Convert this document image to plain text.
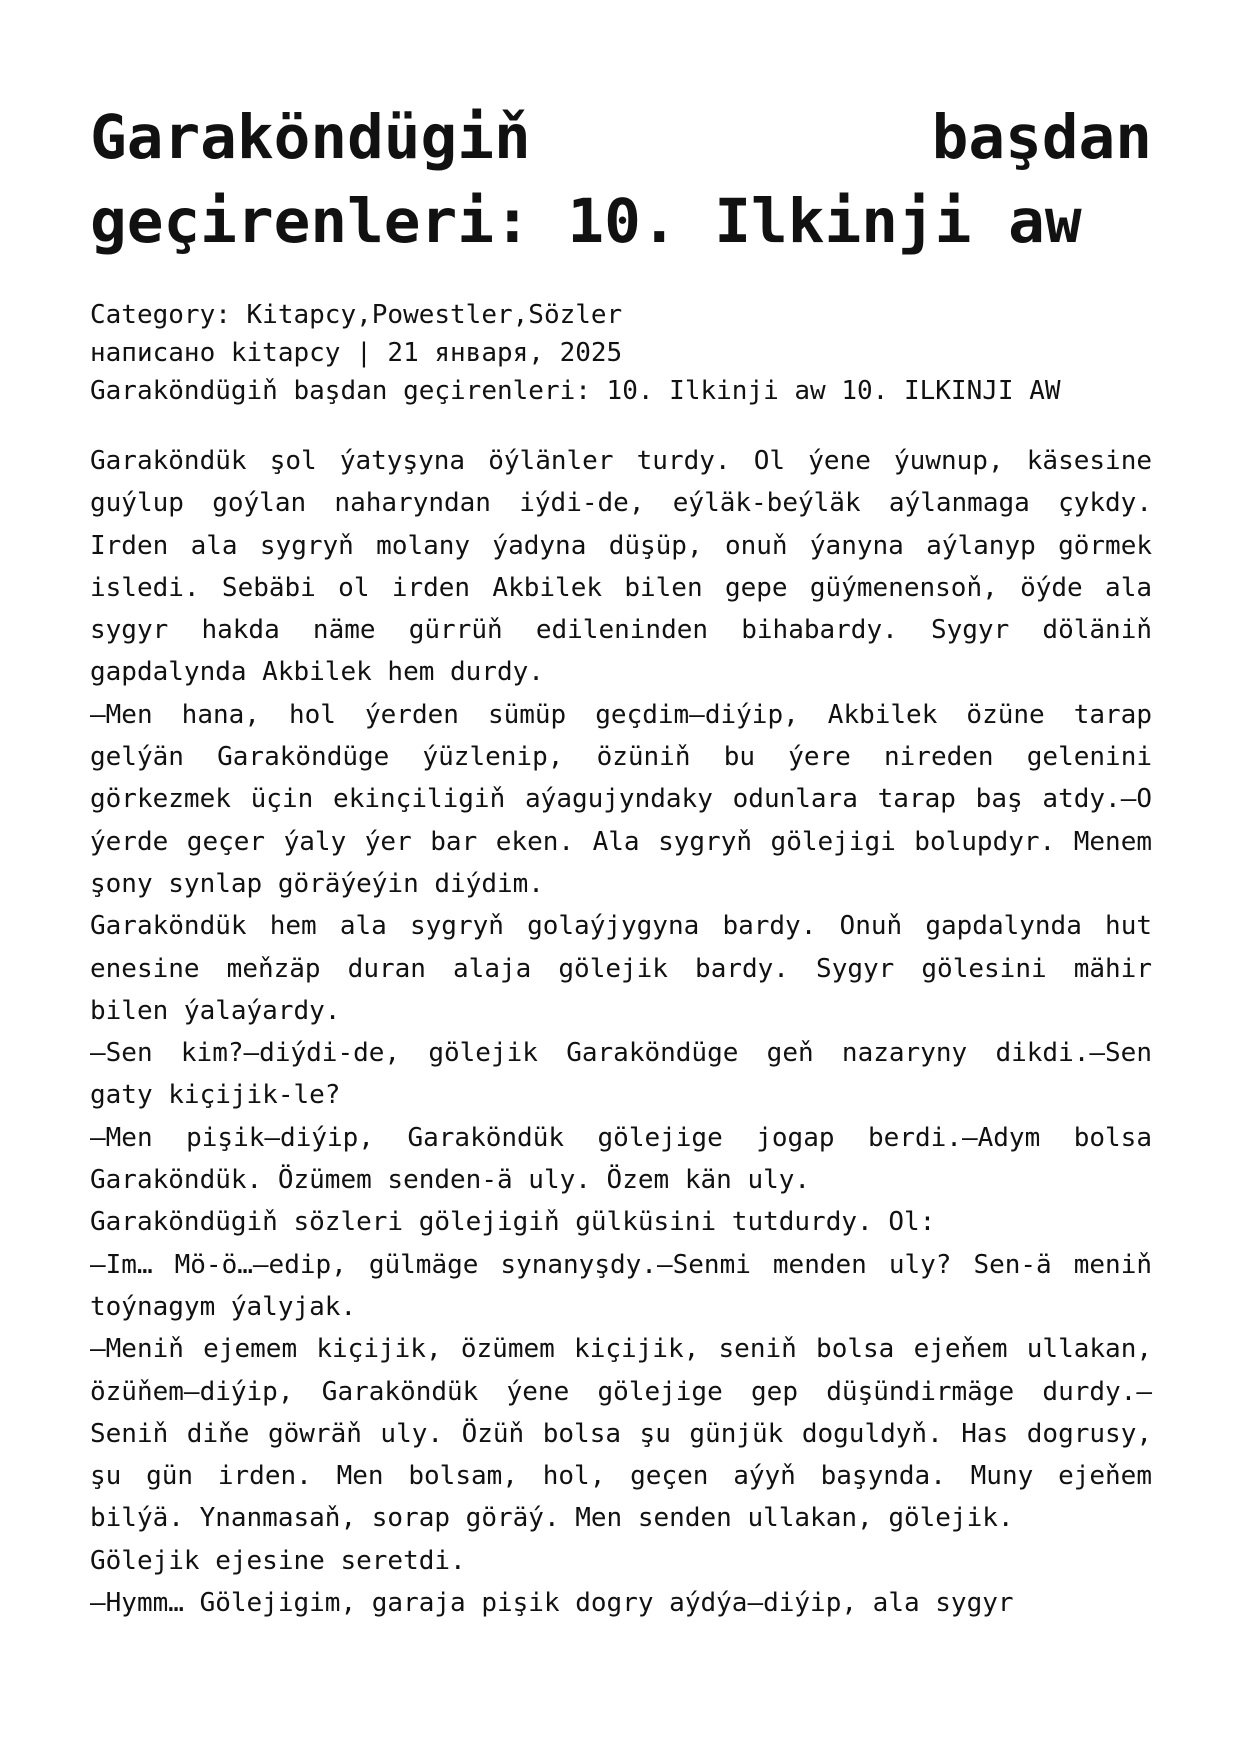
Garaköndügiň başdan geçirenleri: 10. Ilkinji aw
Category: Kitapcy,Powestler,Sözler
написано kitapcy | 21 января, 2025
Garaköndügiň başdan geçirenleri: 10. Ilkinji aw 10. ILKINJI AW

Garaköndük şol ýatyşyna öýlänler turdy. Ol ýene ýuwnup, käsesine guýlup goýlan naharyndan iýdi-de, eýläk-beýläk aýlanmaga çykdy. Irden ala sygryň molany ýadyna düşüp, onuň ýanyna aýlanyp görmek isledi. Sebäbi ol irden Akbilek bilen gepe güýmenensoň, öýde ala sygyr hakda näme gürrüň edileninden bihabardy. Sygyr döläniň gapdalynda Akbilek hem durdy.

—Men hana, hol ýerden sümüp geçdim—diýip, Akbilek özüne tarap gelýän Garaköndüge ýüzlenip, özüniň bu ýere nireden gelenini görkezmek üçin ekinçiligiň aýagujyndaky odunlara tarap baş atdy.—O ýerde geçer ýaly ýer bar eken. Ala sygryň gölejigi bolupdyr. Menem şony synlap göräýeýin diýdim.

Garaköndük hem ala sygryň golaýjygyna bardy. Onuň gapdalynda hut enesine meňzäp duran alaja gölejik bardy. Sygyr gölesini mähir bilen ýalaýardy.

—Sen kim?—diýdi-de, gölejik Garaköndüge geň nazaryny dikdi.—Sen gaty kiçijik-le?

—Men pişik—diýip, Garaköndük gölejige jogap berdi.—Adym bolsa Garaköndük. Özümem senden-ä uly. Özem kän uly.

Garaköndügiň sözleri gölejigiň gülküsini tutdurdy. Ol:

—Im… Mö-ö…—edip, gülmäge synanyşdy.—Senmi menden uly? Sen-ä meniň toýnagym ýalyjak.

—Meniň ejemem kiçijik, özümem kiçijik, seniň bolsa ejeňem ullakan, özüňem—diýip, Garaköndük ýene gölejige gep düşündirmäge durdy.—Seniň diňe göwräň uly. Özüň bolsa şu günjük doguldyň. Has dogrusy, şu gün irden. Men bolsam, hol, geçen aýyň başynda. Muny ejeňem bilýä. Ynanmasaň, sorap göräý. Men senden ullakan, gölejik.

Gölejik ejesine seretdi.

—Hymm… Gölejigim, garaja pişik dogry aýdýa—diýip, ala sygyr
